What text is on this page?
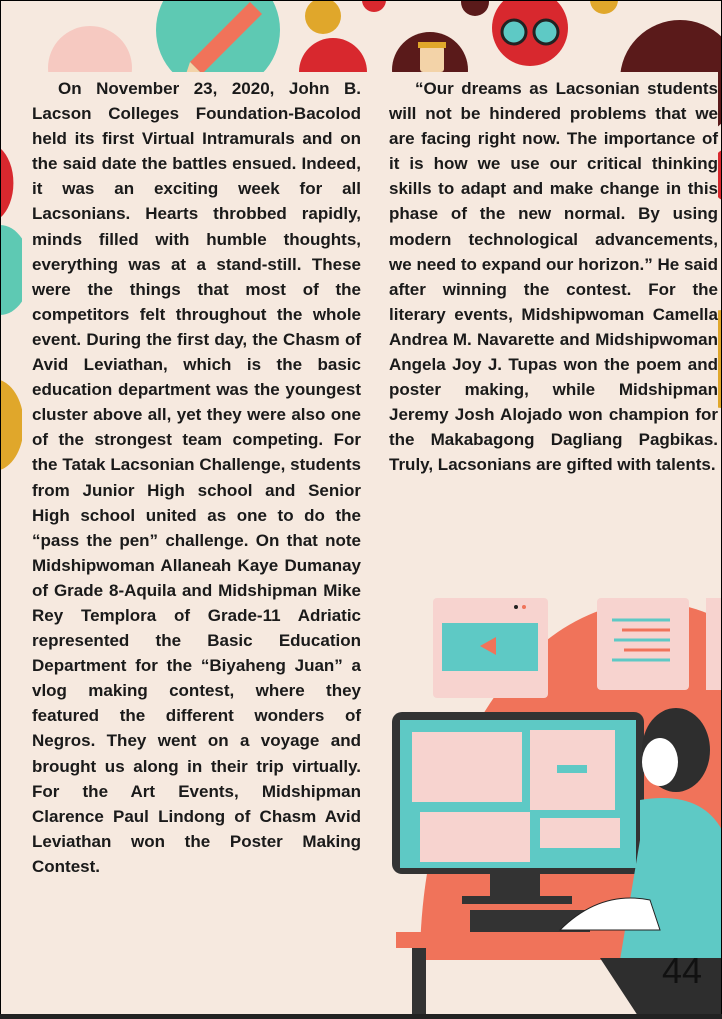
On November 23, 2020, John B. Lacson Colleges Foundation-Bacolod held its first Virtual Intramurals and on the said date the battles ensued. Indeed, it was an exciting week for all Lacsonians. Hearts throbbed rapidly, minds filled with humble thoughts, everything was at a stand-still. These were the things that most of the competitors felt throughout the whole event. During the first day, the Chasm of Avid Leviathan, which is the basic education department was the youngest cluster above all, yet they were also one of the strongest team competing. For the Tatak Lacsonian Challenge, students from Junior High school and Senior High school united as one to do the “pass the pen” challenge. On that note Midshipwoman Allaneah Kaye Dumanay of Grade 8-Aquila and Midshipman Mike Rey Templora of Grade-11 Adriatic represented the Basic Education Department for the “Biyaheng Juan” a vlog making contest, where they featured the different wonders of Negros. They went on a voyage and brought us along in their trip virtually. For the Art Events, Midshipman Clarence Paul Lindong of Chasm Avid Leviathan won the Poster Making Contest.

“Our dreams as Lacsonian students will not be hindered problems that we are facing right now. The importance of it is how we use our critical thinking skills to adapt and make change in this phase of the new normal. By using modern technological advancements, we need to expand our horizon.” He said after winning the contest. For the literary events, Midshipwoman Camella Andrea M. Navarette and Midshipwoman Angela Joy J. Tupas won the poem and poster making, while Midshipman Jeremy Josh Alojado won champion for the Makabagong Dagliang Pagbikas. Truly, Lacsonians are gifted with talents.

44
